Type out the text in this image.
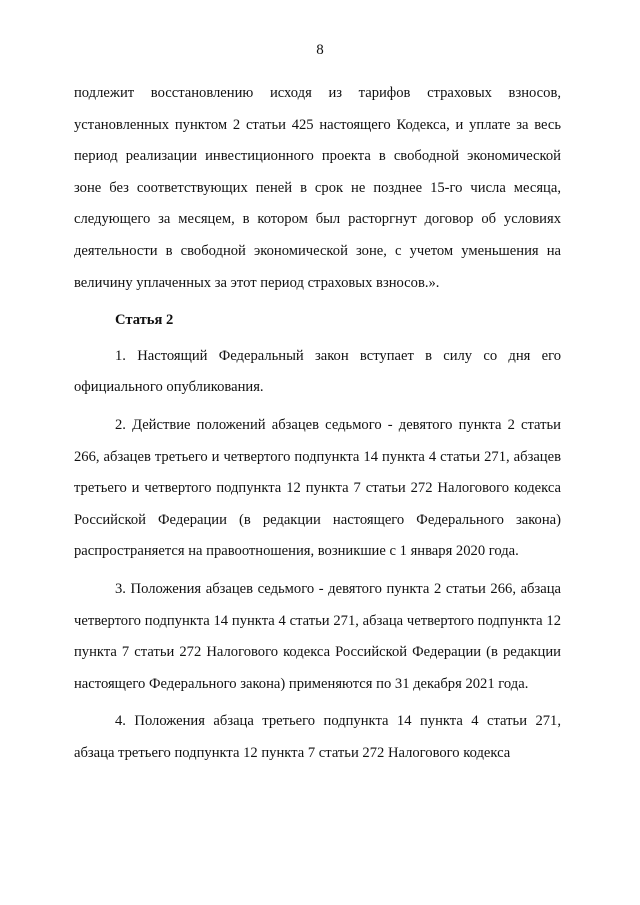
8

подлежит восстановлению исходя из тарифов страховых взносов, установленных пунктом 2 статьи 425 настоящего Кодекса, и уплате за весь период реализации инвестиционного проекта в свободной экономической зоне без соответствующих пеней в срок не позднее 15-го числа месяца, следующего за месяцем, в котором был расторгнут договор об условиях деятельности в свободной экономической зоне, с учетом уменьшения на величину уплаченных за этот период страховых взносов.».

Статья 2

1. Настоящий Федеральный закон вступает в силу со дня его официального опубликования.

2. Действие положений абзацев седьмого - девятого пункта 2 статьи 266, абзацев третьего и четвертого подпункта 14 пункта 4 статьи 271, абзацев третьего и четвертого подпункта 12 пункта 7 статьи 272 Налогового кодекса Российской Федерации (в редакции настоящего Федерального закона) распространяется на правоотношения, возникшие с 1 января 2020 года.

3. Положения абзацев седьмого - девятого пункта 2 статьи 266, абзаца четвертого подпункта 14 пункта 4 статьи 271, абзаца четвертого подпункта 12 пункта 7 статьи 272 Налогового кодекса Российской Федерации (в редакции настоящего Федерального закона) применяются по 31 декабря 2021 года.

4. Положения абзаца третьего подпункта 14 пункта 4 статьи 271, абзаца третьего подпункта 12 пункта 7 статьи 272 Налогового кодекса
